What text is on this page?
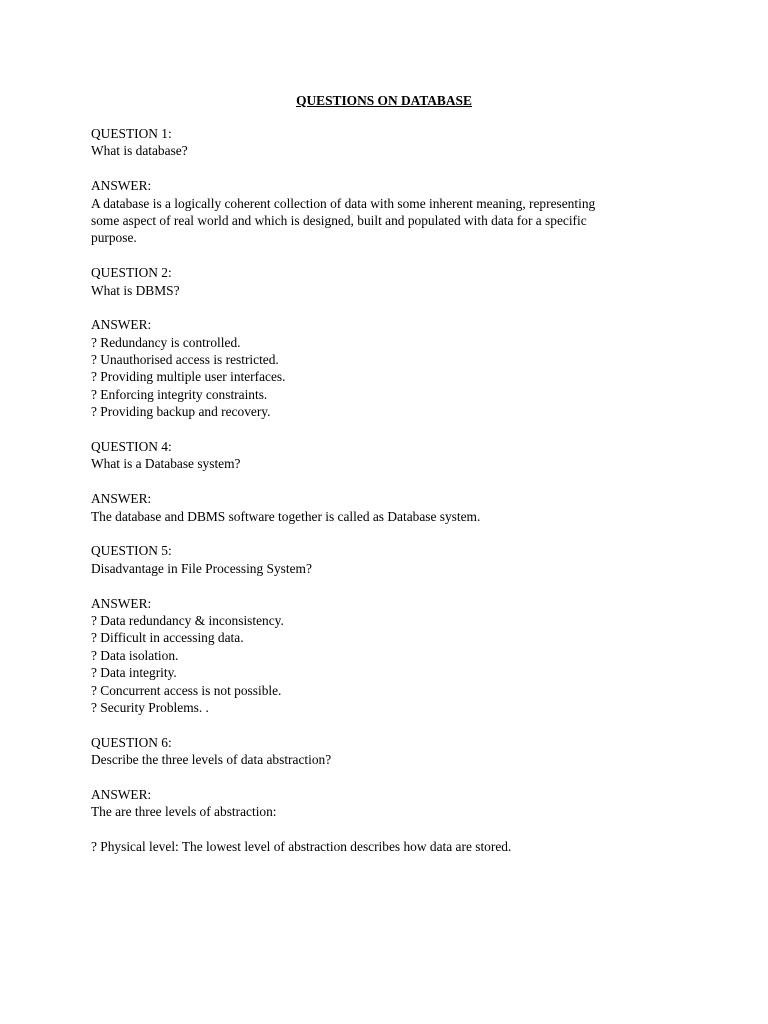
QUESTIONS ON DATABASE
QUESTION 1:
What is database?
ANSWER:
A database is a logically coherent collection of data with some inherent meaning, representing
some aspect of real world and which is designed, built and populated with data for a specific
purpose.
QUESTION 2:
What is DBMS?
ANSWER:
? Redundancy is controlled.
? Unauthorised access is restricted.
? Providing multiple user interfaces.
? Enforcing integrity constraints.
? Providing backup and recovery.
QUESTION 4:
What is a Database system?
ANSWER:
The database and DBMS software together is called as Database system.
QUESTION 5:
Disadvantage in File Processing System?
ANSWER:
? Data redundancy & inconsistency.
? Difficult in accessing data.
? Data isolation.
? Data integrity.
? Concurrent access is not possible.
? Security Problems. .
QUESTION 6:
Describe the three levels of data abstraction?
ANSWER:
The are three levels of abstraction:
? Physical level: The lowest level of abstraction describes how data are stored.
